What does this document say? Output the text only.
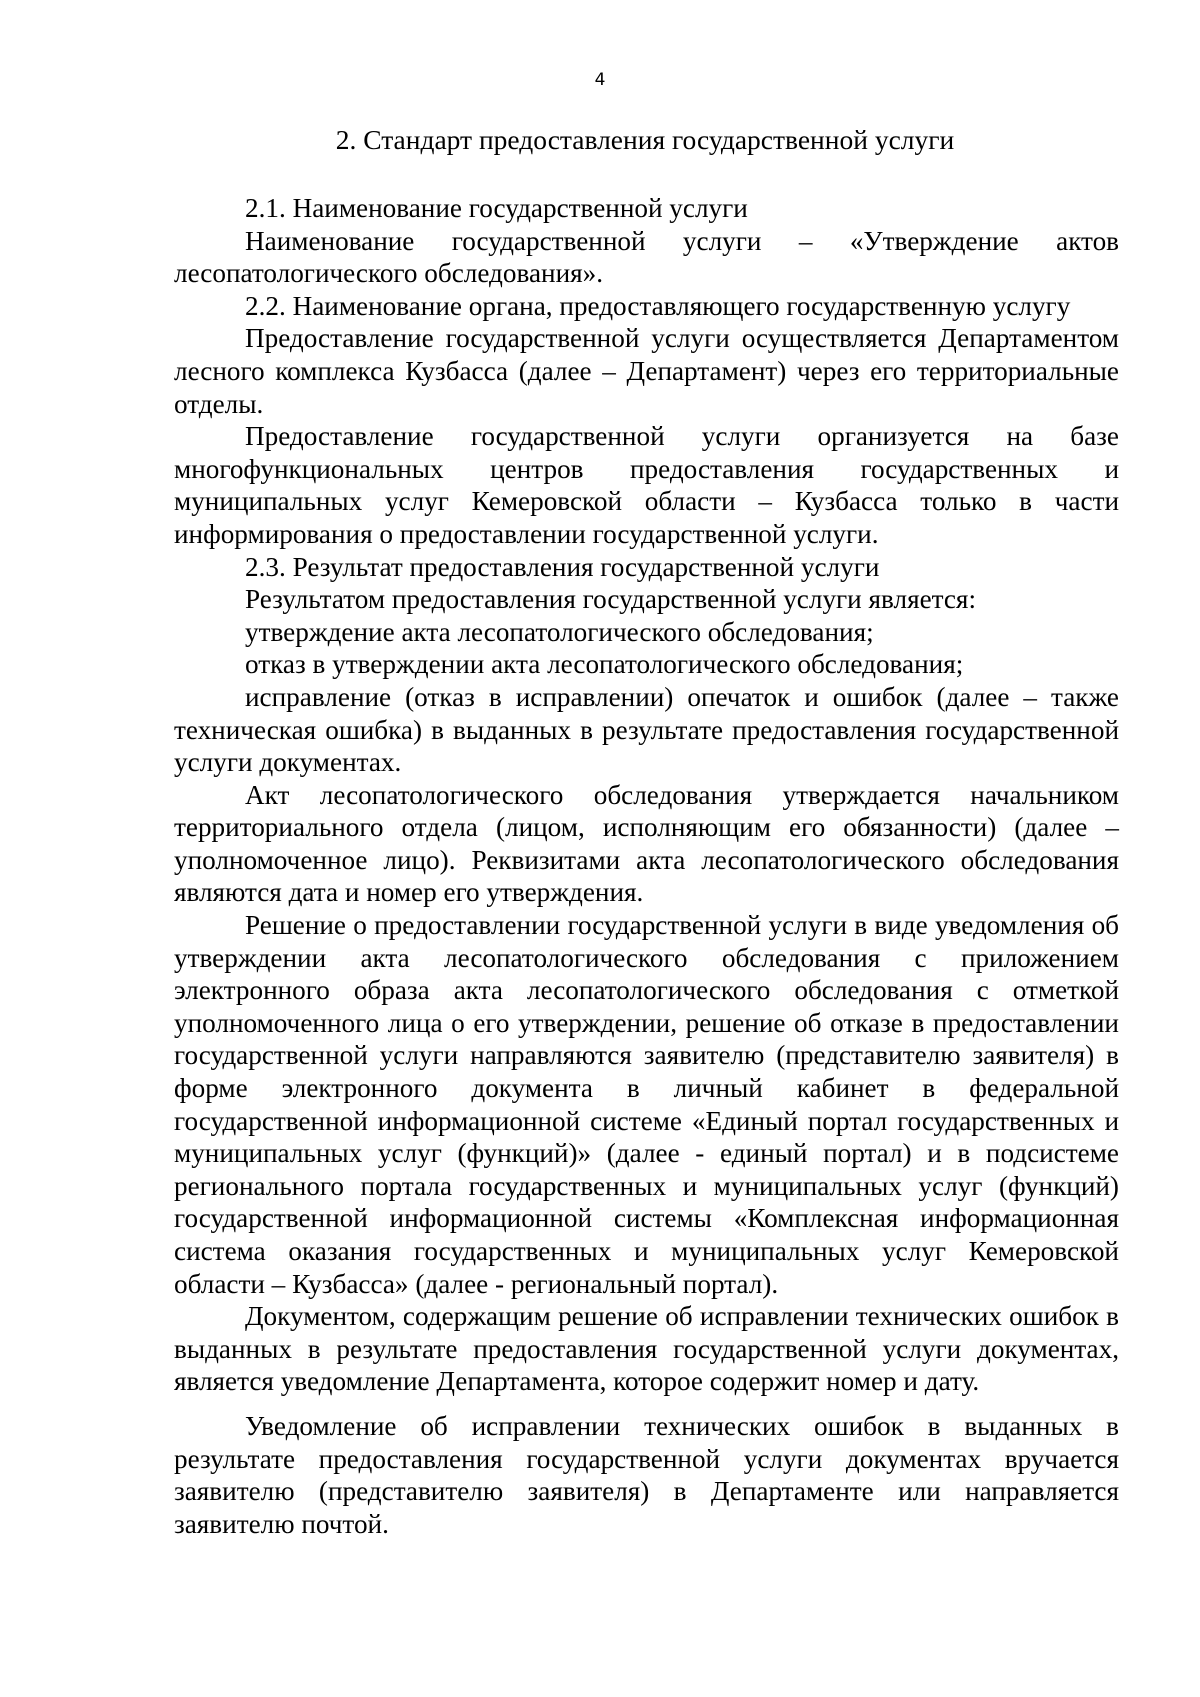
4
2. Стандарт предоставления государственной услуги

2.1. Наименование государственной услуги

Наименование государственной услуги – «Утверждение актов лесопатологического обследования».

2.2. Наименование органа, предоставляющего государственную услугу

Предоставление государственной услуги осуществляется Департаментом лесного комплекса Кузбасса (далее – Департамент) через его территориальные отделы.

Предоставление государственной услуги организуется на базе многофункциональных центров предоставления государственных и муниципальных услуг Кемеровской области – Кузбасса только в части информирования о предоставлении государственной услуги.

2.3. Результат предоставления государственной услуги

Результатом предоставления государственной услуги является:

утверждение акта лесопатологического обследования;

отказ в утверждении акта лесопатологического обследования;

исправление (отказ в исправлении) опечаток и ошибок (далее – также техническая ошибка) в выданных в результате предоставления государственной услуги документах.

Акт лесопатологического обследования утверждается начальником территориального отдела (лицом, исполняющим его обязанности) (далее – уполномоченное лицо). Реквизитами акта лесопатологического обследования являются дата и номер его утверждения.

Решение о предоставлении государственной услуги в виде уведомления об утверждении акта лесопатологического обследования с приложением электронного образа акта лесопатологического обследования с отметкой уполномоченного лица о его утверждении, решение об отказе в предоставлении государственной услуги направляются заявителю (представителю заявителя) в форме электронного документа в личный кабинет в федеральной государственной информационной системе «Единый портал государственных и муниципальных услуг (функций)» (далее - единый портал) и в подсистеме регионального портала государственных и муниципальных услуг (функций) государственной информационной системы «Комплексная информационная система оказания государственных и муниципальных услуг Кемеровской области – Кузбасса» (далее - региональный портал).

Документом, содержащим решение об исправлении технических ошибок в выданных в результате предоставления государственной услуги документах, является уведомление Департамента, которое содержит номер и дату.

Уведомление об исправлении технических ошибок в выданных в результате предоставления государственной услуги документах вручается заявителю (представителю заявителя) в Департаменте или направляется заявителю почтой.
